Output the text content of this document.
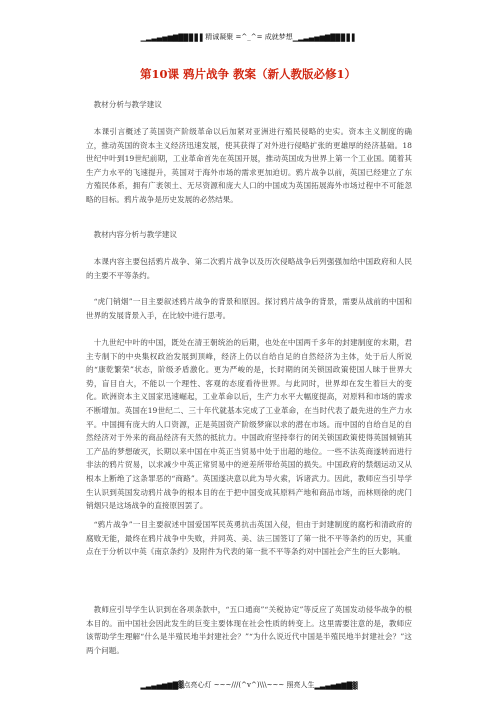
▁▂▃▄▅▆▇█▉▊▋▌ 精诚凝聚 =^_^= 成就梦想 ▁▂▃▄▅▆▇█▉▊▋▌
第10课 鸦片战争 教案（新人教版必修1）

教材分析与教学建议

本课引言概述了英国资产阶级革命以后加紧对亚洲进行殖民侵略的史实。资本主义制度的确立，推动英国的资本主义经济迅速发展，使其获得了对外进行侵略扩张的更雄厚的经济基础。18世纪中叶到19世纪前期，工业革命首先在英国开展，推动英国成为世界上第一个工业国。随着其生产力水平的飞速提升，英国对于海外市场的需求更加迫切。鸦片战争以前，英国已经建立了东方殖民体系，拥有广袤领土、无尽资源和庞大人口的中国成为英国拓展海外市场过程中不可能忽略的目标。鸦片战争是历史发展的必然结果。

教材内容分析与教学建议

本课内容主要包括鸦片战争、第二次鸦片战争以及历次侵略战争后列强强加给中国政府和人民的主要不平等条约。

“虎门销烟”一目主要叙述鸦片战争的背景和原因。探讨鸦片战争的背景，需要从战前的中国和世界的发展背景入手，在比较中进行思考。

十九世纪中叶的中国，既处在清王朝统治的后期，也处在中国两千多年的封建制度的末期，君主专制下的中央集权政治发展到顶峰，经济上仍以自给自足的自然经济为主体，处于后人所说的“康乾繁荣”状态，阶级矛盾激化。更为严峻的是，长时期的闭关锁国政策使国人昧于世界大势，盲目自大，不能以一个理性、客观的态度看待世界。与此同时，世界却在发生着巨大的变化。欧洲资本主义国家迅速崛起，工业革命以后，生产力水平大幅度提高，对原料和市场的需求不断增加。英国在19世纪二、三十年代就基本完成了工业革命，在当时代表了最先进的生产力水平。中国拥有庞大的人口资源，正是英国资产阶级梦寐以求的潜在市场。而中国的自给自足的自然经济对于外来的商品经济有天然的抵抗力。中国政府坚持奉行的闭关锁国政策使得英国倾销其工产品的梦想破灭，长期以来中国在中英正当贸易中处于出超的地位。一些不法英商遂转而进行非法的鸦片贸易，以求减少中英正常贸易中的逆差所带给英国的损失。中国政府的禁烟运动又从根本上断绝了这条罪恶的“商路”。英国遂决意以此为导火索，诉诸武力。因此，教师应当引导学生认识到英国发动鸦片战争的根本目的在于把中国变成其原料产地和商品市场，而林则徐的虎门销烟只是这场战争的直接原因罢了。

“鸦片战争”一目主要叙述中国爱国军民英勇抗击英国入侵，但由于封建制度的腐朽和清政府的腐败无能，最终在鸦片战争中失败，并同英、美、法三国签订了第一批不平等条约的历史，其重点在于分析以中英《南京条约》及附件为代表的第一批不平等条约对中国社会产生的巨大影响。

教师应引导学生认识到在各项条款中，“五口通商”“关税协定”等反应了英国发动侵华战争的根本目的。而中国社会因此发生的巨变主要体现在社会性质的转变上。这里需要注意的是，教师应该帮助学生理解“什么是半殖民地半封建社会？”“为什么说近代中国是半殖民地半封建社会？”这两个问题。

▂▃▄▅▆▇█ ▓点亮心灯 ~~~///(^v^)\\\~~~ 照亮人生 ▂▃▄▅▆▇█▓
